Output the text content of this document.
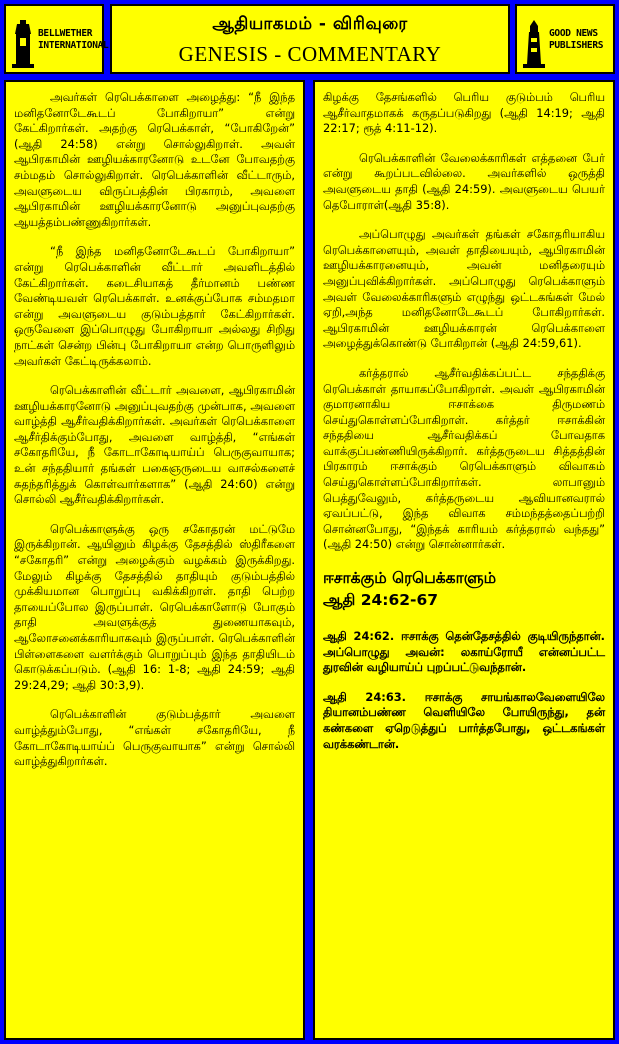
BELLWETHER
INTERNATIONAL
ஆதியாகமம் - விரிவுரை
GENESIS - COMMENTARY
GOOD NEWS
PUBLISHERS

அவர்கள் ரெபெக்காளை அழைத்து: “நீ இந்த மனிதனோடேகூடப் போகிறாயா” என்று கேட்கிறார்கள். அதற்கு ரெபெக்காள், “போகிறேன்” (ஆதி 24:58) என்று சொல்லுகிறாள். அவள் ஆபிரகாமின் ஊழியக்காரனோடு உடனே போவதற்கு சம்மதம் சொல்லுகிறாள். ரெபெக்காளின் வீட்டாரும், அவளுடைய விருப்பத்தின் பிரகாரம், அவளை ஆபிரகாமின் ஊழியக்காரனோடு அனுப்புவதற்கு ஆயத்தம்பண்ணுகிறார்கள்.

“நீ இந்த மனிதனோடேகூடப் போகிறாயா” என்று ரெபெக்காளின் வீட்டார் அவளிடத்தில் கேட்கிறார்கள். கடைசியாகத் தீர்மானம் பண்ண வேண்டியவள் ரெபெக்காள். உனக்குப்போக சம்மதமா என்று அவளுடைய குடும்பத்தார் கேட்கிறார்கள். ஒருவேளை இப்பொழுது போகிறாயா அல்லது சிறிது நாட்கள் சென்ற பின்பு போகிறாயா என்ற பொருளிலும் அவர்கள் கேட்டிருக்கலாம்.

ரெபெக்காளின் வீட்டார் அவளை, ஆபிரகாமின் ஊழியக்காரனோடு அனுப்புவதற்கு முன்பாக, அவளை வாழ்த்தி ஆசீர்வதிக்கிறார்கள். அவர்கள் ரெபெக்காளை ஆசீர்திக்கும்போது, அவளை வாழ்த்தி, “எங்கள் சகோதரியே, நீ கோடாகோடியாய்ப் பெருகுவாயாக; உன் சந்ததியார் தங்கள் பகைஞருடைய வாசல்களைச் சுதந்தரித்துக் கொள்வார்களாக” (ஆதி 24:60) என்று சொல்லி ஆசீர்வதிக்கிறார்கள்.

ரெபெக்காளுக்கு ஒரு சகோதரன் மட்டுமே இருக்கிறான். ஆயினும் கிழக்கு தேசத்தில் ஸ்திரீகளை “சகோதரி” என்று அழைக்கும் வழக்கம் இருக்கிறது. மேலும் கிழக்கு தேசத்தில் தாதியும் குடும்பத்தில் முக்கியமான பொறுப்பு வகிக்கிறாள். தாதி பெற்ற தாயைப்போல இருப்பாள். ரெபெக்காளோடு போகும் தாதி அவளுக்குத் துணையாகவும், ஆலோசனைக்காரியாகவும் இருப்பாள். ரெபெக்காளின் பிள்ளைகளை வளர்க்கும் பொறுப்பும் இந்த தாதியிடம் கொடுக்கப்படும். (ஆதி 16: 1-8; ஆதி 24:59; ஆதி 29:24,29; ஆதி 30:3,9).

ரெபெக்காளின் குடும்பத்தார் அவளை வாழ்த்தும்போது, “எங்கள் சகோதரியே, நீ கோடாகோடியாய்ப் பெருகுவாயாக” என்று சொல்லி வாழ்த்துகிறார்கள்.

கிழக்கு தேசங்களில் பெரிய குடும்பம் பெரிய ஆசீர்வாதமாகக் கருதப்படுகிறது (ஆதி 14:19; ஆதி 22:17; ரூத் 4:11-12).

ரெபெக்காளின் வேலைக்காரிகள் எத்தனை பேர் என்று கூறப்படவில்லை. அவர்களில் ஒருத்தி அவளுடைய தாதி (ஆதி 24:59). அவளுடைய பெயர் தெபோராள்(ஆதி 35:8).

அப்பொழுது அவர்கள் தங்கள் சகோதரியாகிய ரெபெக்காளையும், அவள் தாதியையும், ஆபிரகாமின் ஊழியக்காரனையும், அவன் மனிதரையும் அனுப்புவிக்கிறார்கள். அப்பொழுது ரெபெக்காளும் அவள் வேலைக்காரிகளும் எழுந்து ஒட்டகங்கள் மேல் ஏறி,அந்த மனிதனோடேகூடப் போகிறார்கள். ஆபிரகாமின் ஊழியக்காரன் ரெபெக்காளை அழைத்துக்கொண்டு போகிறான் (ஆதி 24:59,61).

கர்த்தரால் ஆசீர்வதிக்கப்பட்ட சந்ததிக்கு ரெபெக்காள் தாயாகப்போகிறாள். அவள் ஆபிரகாமின் குமாரனாகிய ஈசாக்கை திருமணம் செய்துகொள்ளப்போகிறாள். கர்த்தர் ஈசாக்கின் சந்ததியை ஆசீர்வதிக்கப் போவதாக வாக்குப்பண்ணியிருக்கிறார். கர்த்தருடைய சித்தத்தின் பிரகாரம் ஈசாக்கும் ரெபெக்காளும் விவாகம் செய்துகொள்ளப்போகிறார்கள். லாபானும் பெத்துவேலும், கர்த்தருடைய ஆவியானவரால் ஏவப்பட்டு, இந்த விவாக சம்மந்தத்தைப்பற்றி சொன்னபோது, “இந்தக் காரியம் கர்த்தரால் வந்தது” (ஆதி 24:50) என்று சொன்னார்கள்.

ஈசாக்கும் ரெபெக்காளும்
ஆதி 24:62-67

ஆதி 24:62. ஈசாக்கு தென்தேசத்தில் குடியிருந்தான். அப்பொழுது அவன்: லகாய்ரோயீ என்னப்பட்ட துரவின் வழியாய்ப் புறப்பட்டுவந்தான்.

ஆதி 24:63. ஈசாக்கு சாயங்காலவேளையிலே தியானம்பண்ண வெளியிலே போயிருந்து, தன் கண்களை ஏறெடுத்துப் பார்த்தபோது, ஒட்டகங்கள் வரக்கண்டான்.
